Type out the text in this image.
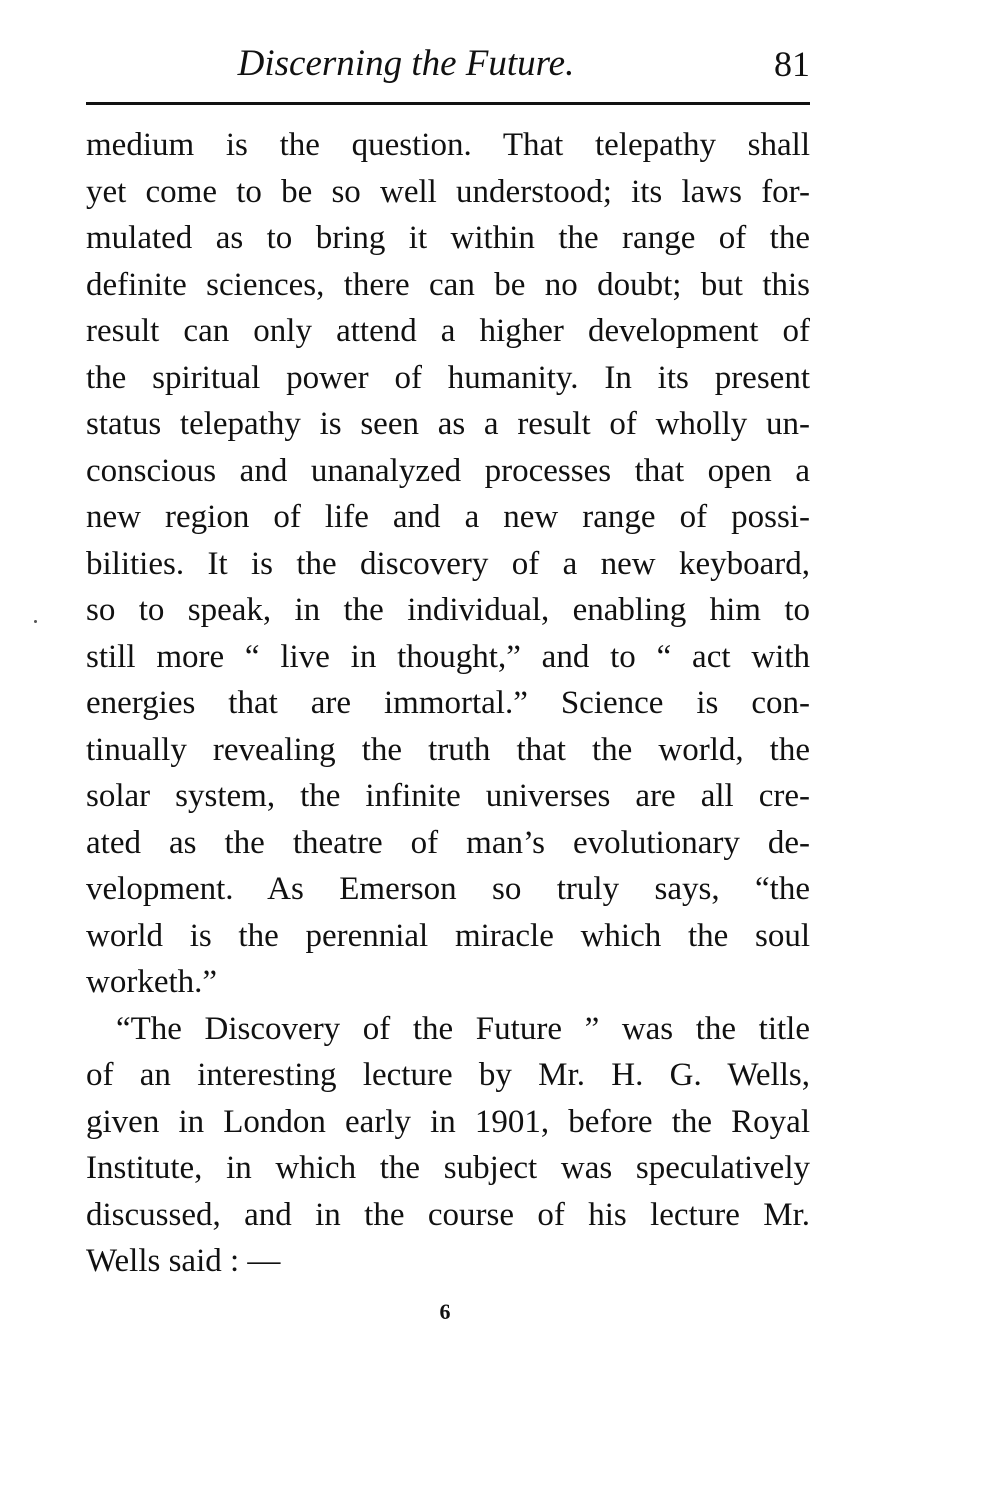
Discerning the Future.	81
medium is the question. That telepathy shall
yet come to be so well understood; its laws for-
mulated as to bring it within the range of the
definite sciences, there can be no doubt; but this
result can only attend a higher development of
the spiritual power of humanity. In its present
status telepathy is seen as a result of wholly un-
conscious and unanalyzed processes that open a
new region of life and a new range of possi-
bilities. It is the discovery of a new keyboard,
so to speak, in the individual, enabling him to
still more “ live in thought,” and to “ act with
energies that are immortal.” Science is con-
tinually revealing the truth that the world, the
solar system, the infinite universes are all cre-
ated as the theatre of man’s evolutionary de-
velopment. As Emerson so truly says, “the
world is the perennial miracle which the soul
worketh.”
“The Discovery of the Future ” was the title
of an interesting lecture by Mr. H. G. Wells,
given in London early in 1901, before the Royal
Institute, in which the subject was speculatively
discussed, and in the course of his lecture Mr.
Wells said : —
6
